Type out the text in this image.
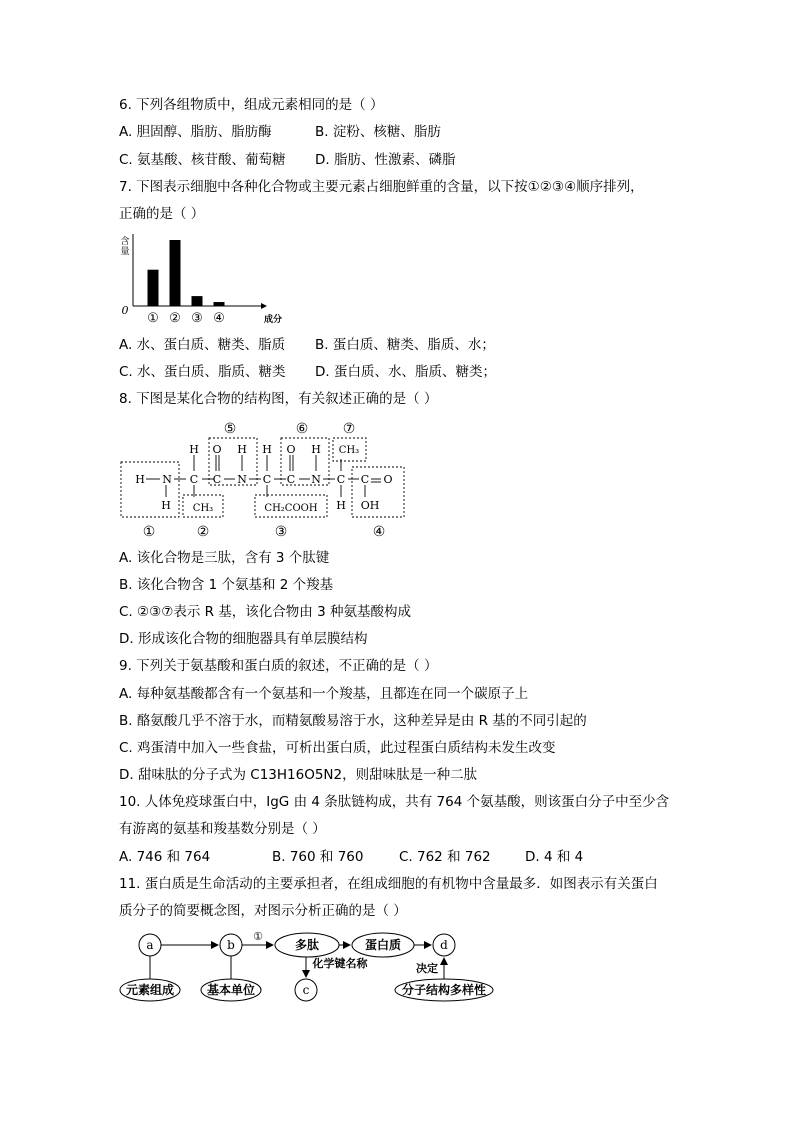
6. 下列各组物质中，组成元素相同的是（ ）
A. 胆固醇、脂肪、脂肪酶	B. 淀粉、核糖、脂肪
C. 氨基酸、核苷酸、葡萄糖 D. 脂肪、性激素、磷脂
7. 下图表示细胞中各种化合物或主要元素占细胞鲜重的含量，以下按①②③④顺序排列，
正确的是（ ）
含
量
0
成分
① ② ③ ④
A. 水、蛋白质、糖类、脂质 B. 蛋白质、糖类、脂质、水；
C. 水、蛋白质、脂质、糖类 D. 蛋白质、水、脂质、糖类；
8. 下图是某化合物的结构图，有关叙述正确的是（ ）
H N C
O H
N
C
H
C
O
N
H
C	C C O
OH
H CH₃
CH₃
CH₂COOH
H
H
①	②	③	④
⑤	⑥ ⑦
A. 该化合物是三肽，含有 3 个肽键
B. 该化合物含 1 个氨基和 2 个羧基
C. ②③⑦表示 R 基，该化合物由 3 种氨基酸构成
D. 形成该化合物的细胞器具有单层膜结构
9. 下列关于氨基酸和蛋白质的叙述，不正确的是（ ）
A. 每种氨基酸都含有一个氨基和一个羧基，且都连在同一个碳原子上
B. 酪氨酸几乎不溶于水，而精氨酸易溶于水，这种差异是由 R 基的不同引起的
C. 鸡蛋清中加入一些食盐，可析出蛋白质，此过程蛋白质结构未发生改变
D. 甜味肽的分子式为 C13H16O5N2，则甜味肽是一种二肽
10. 人体免疫球蛋白中，IgG 由 4 条肽链构成，共有 764 个氨基酸，则该蛋白分子中至少含
有游离的氨基和羧基数分别是（ ）
A. 746 和 764	B. 760 和 760	C. 762 和 762	D. 4 和 4
11. 蛋白质是生命活动的主要承担者，在组成细胞的有机物中含量最多．如图表示有关蛋白
质分子的简要概念图，对图示分析正确的是（ ）
a	b
c
d
①
多肽	蛋白质
化学键名称	决定
元素组成	基本单位	分子结构多样性
